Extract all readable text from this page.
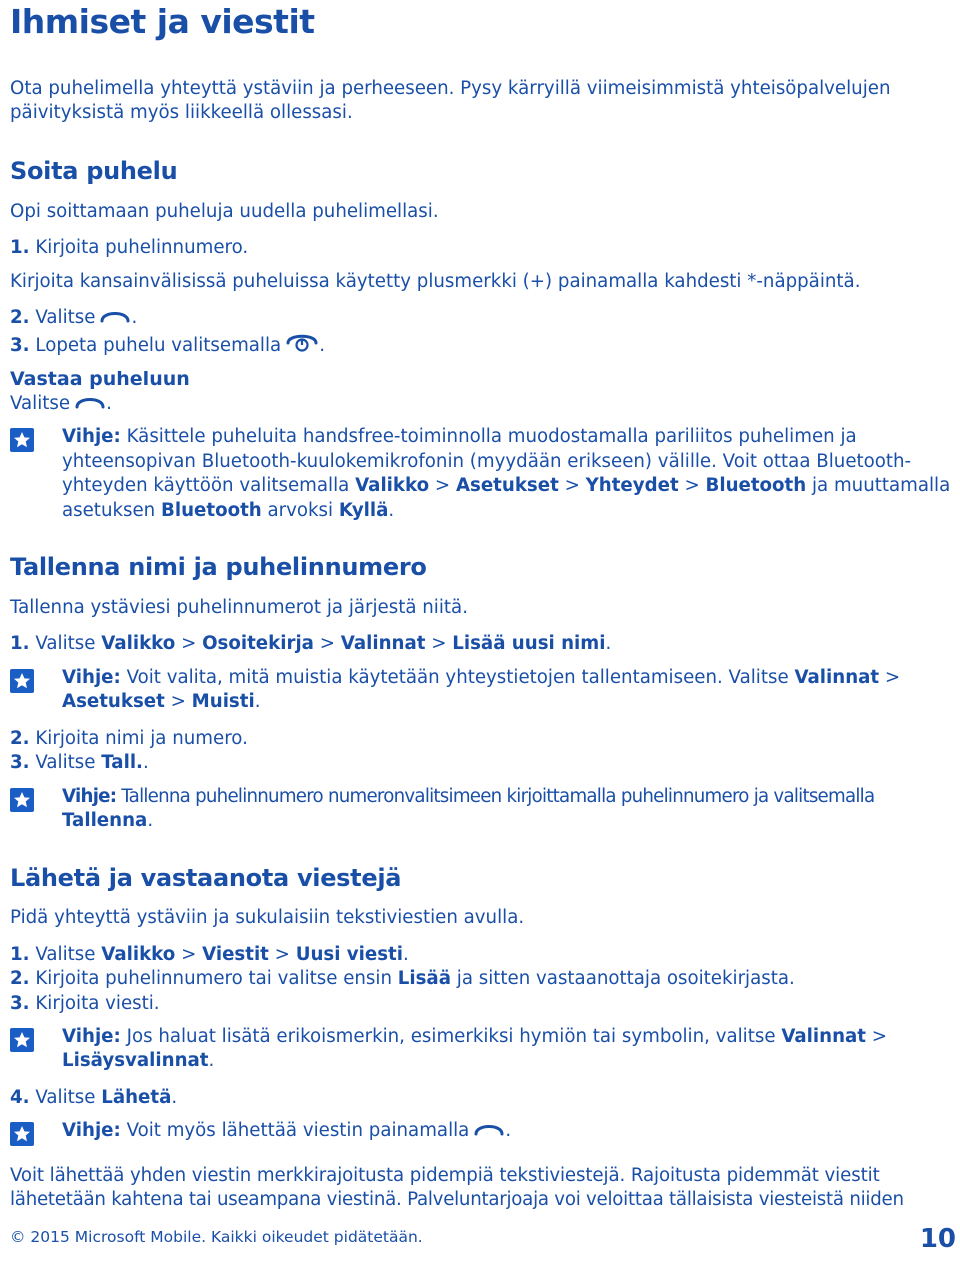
Ihmiset ja viestit
Ota puhelimella yhteyttä ystäviin ja perheeseen. Pysy kärryillä viimeisimmistä yhteisöpalvelujen
päivityksistä myös liikkeellä ollessasi.
Soita puhelu
Opi soittamaan puheluja uudella puhelimellasi.
1. Kirjoita puhelinnumero.
Kirjoita kansainvälisissä puheluissa käytetty plusmerkki (+) painamalla kahdesti *-näppäintä.
2. Valitse .
3. Lopeta puhelu valitsemalla .
Vastaa puheluun
Valitse .
Vihje: Käsittele puheluita handsfree-toiminnolla muodostamalla pariliitos puhelimen ja
yhteensopivan Bluetooth-kuulokemikrofonin (myydään erikseen) välille. Voit ottaa Bluetooth-
yhteyden käyttöön valitsemalla Valikko > Asetukset > Yhteydet > Bluetooth ja muuttamalla
asetuksen Bluetooth arvoksi Kyllä.
Tallenna nimi ja puhelinnumero
Tallenna ystäviesi puhelinnumerot ja järjestä niitä.
1. Valitse Valikko > Osoitekirja > Valinnat > Lisää uusi nimi.
Vihje: Voit valita, mitä muistia käytetään yhteystietojen tallentamiseen. Valitse Valinnat >
Asetukset > Muisti.
2. Kirjoita nimi ja numero.
3. Valitse Tall..
Vihje: Tallenna puhelinnumero numeronvalitsimeen kirjoittamalla puhelinnumero ja valitsemalla
Tallenna.
Lähetä ja vastaanota viestejä
Pidä yhteyttä ystäviin ja sukulaisiin tekstiviestien avulla.
1. Valitse Valikko > Viestit > Uusi viesti.
2. Kirjoita puhelinnumero tai valitse ensin Lisää ja sitten vastaanottaja osoitekirjasta.
3. Kirjoita viesti.
Vihje: Jos haluat lisätä erikoismerkin, esimerkiksi hymiön tai symbolin, valitse Valinnat >
Lisäysvalinnat.
4. Valitse Lähetä.
Vihje: Voit myös lähettää viestin painamalla .
Voit lähettää yhden viestin merkkirajoitusta pidempiä tekstiviestejä. Rajoitusta pidemmät viestit
lähetetään kahtena tai useampana viestinä. Palveluntarjoaja voi veloittaa tällaisista viesteistä niiden
© 2015 Microsoft Mobile. Kaikki oikeudet pidätetään.	10
